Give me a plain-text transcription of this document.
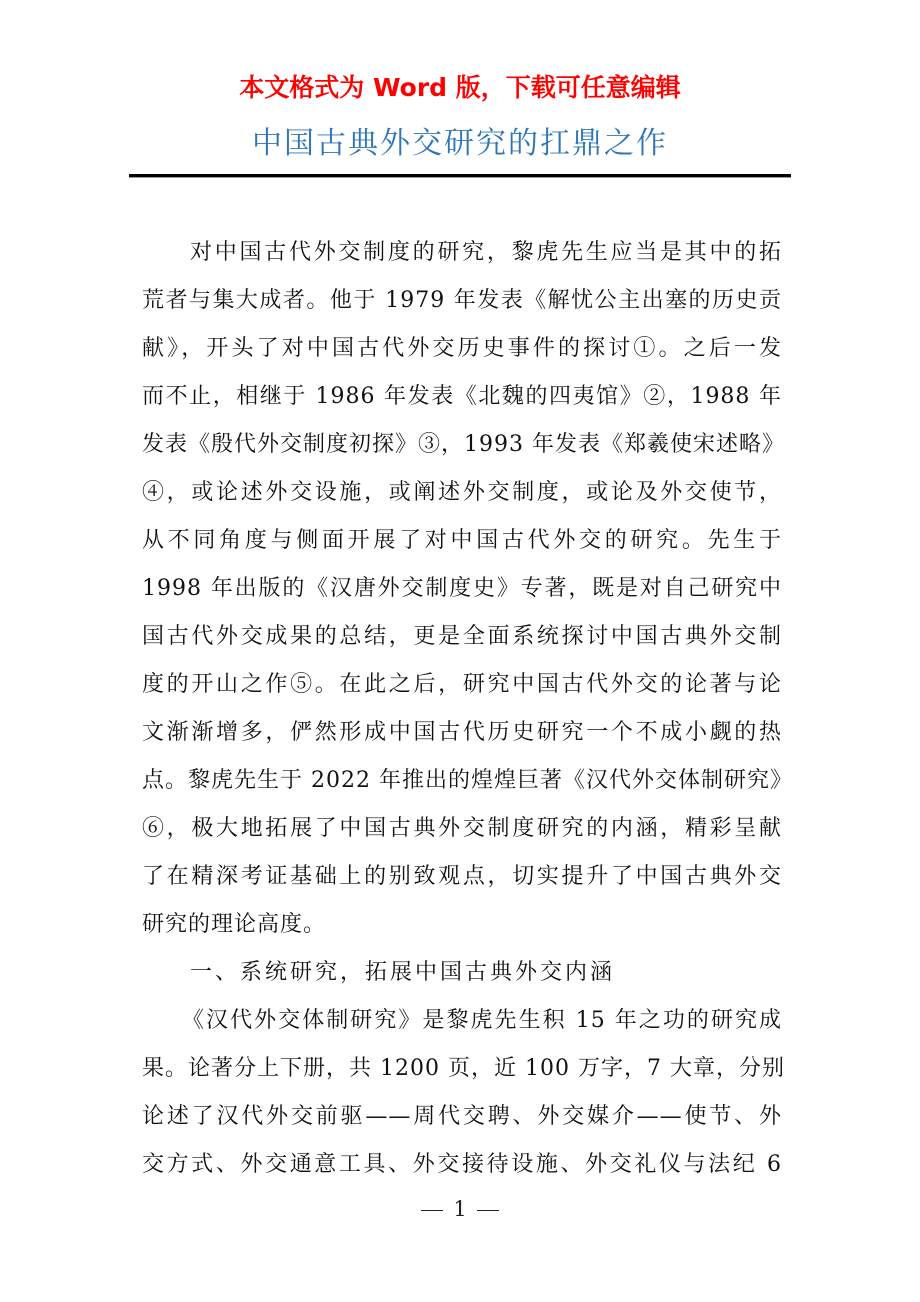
本文格式为 Word 版，下载可任意编辑
中国古典外交研究的扛鼎之作
对中国古代外交制度的研究，黎虎先生应当是其中的拓
荒者与集大成者。他于 1979 年发表《解忧公主出塞的历史贡
献》，开头了对中国古代外交历史事件的探讨①。之后一发
而不止，相继于 1986 年发表《北魏的四夷馆》②，1988 年
发表《殷代外交制度初探》③，1993 年发表《郑羲使宋述略》
④，或论述外交设施，或阐述外交制度，或论及外交使节，
从不同角度与侧面开展了对中国古代外交的研究。先生于
1998 年出版的《汉唐外交制度史》专著，既是对自己研究中
国古代外交成果的总结，更是全面系统探讨中国古典外交制
度的开山之作⑤。在此之后，研究中国古代外交的论著与论
文渐渐增多，俨然形成中国古代历史研究一个不成小觑的热
点。黎虎先生于 2022 年推出的煌煌巨著《汉代外交体制研究》
⑥，极大地拓展了中国古典外交制度研究的内涵，精彩呈献
了在精深考证基础上的别致观点，切实提升了中国古典外交
研究的理论高度。
一、系统研究，拓展中国古典外交内涵
《汉代外交体制研究》是黎虎先生积 15 年之功的研究成
果。论著分上下册，共 1200 页，近 100 万字，7 大章，分别
论述了汉代外交前驱——周代交聘、外交媒介——使节、外
交方式、外交通意工具、外交接待设施、外交礼仪与法纪 6
1
